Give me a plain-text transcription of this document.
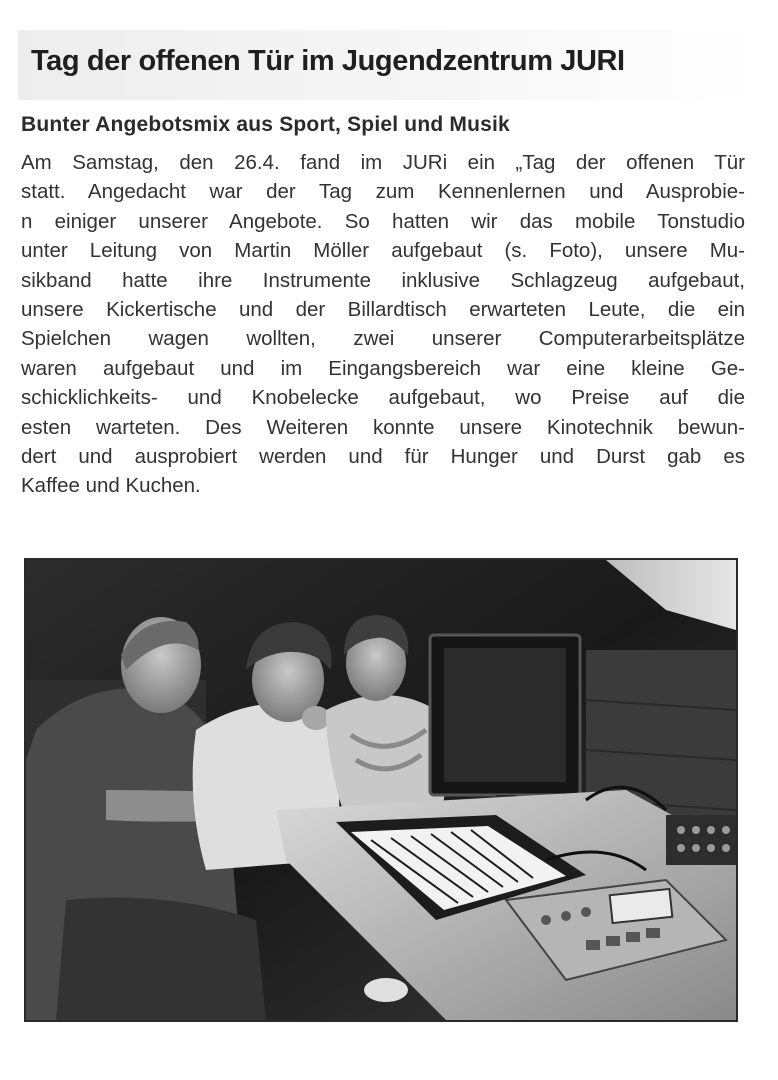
Tag der offenen Tür im Jugendzentrum JURI
Bunter Angebotsmix aus Sport, Spiel und Musik
Am Samstag, den 26.4. fand im JURi ein „Tag der offenen Tür
statt. Angedacht war der Tag zum Kennenlernen und Ausprobie-
n einiger unserer Angebote. So hatten wir das mobile Tonstudio
unter Leitung von Martin Möller aufgebaut (s. Foto), unsere Mu-
sikband hatte ihre Instrumente inklusive Schlagzeug aufgebaut,
unsere Kickertische und der Billardtisch erwarteten Leute, die ein
Spielchen wagen wollten, zwei unserer Computerarbeitsplätze
waren aufgebaut und im Eingangsbereich war eine kleine Ge-
schicklichkeits- und Knobelecke aufgebaut, wo Preise auf die
esten warteten. Des Weiteren konnte unsere Kinotechnik bewun-
dert und ausprobiert werden und für Hunger und Durst gab es
Kaffee und Kuchen.
